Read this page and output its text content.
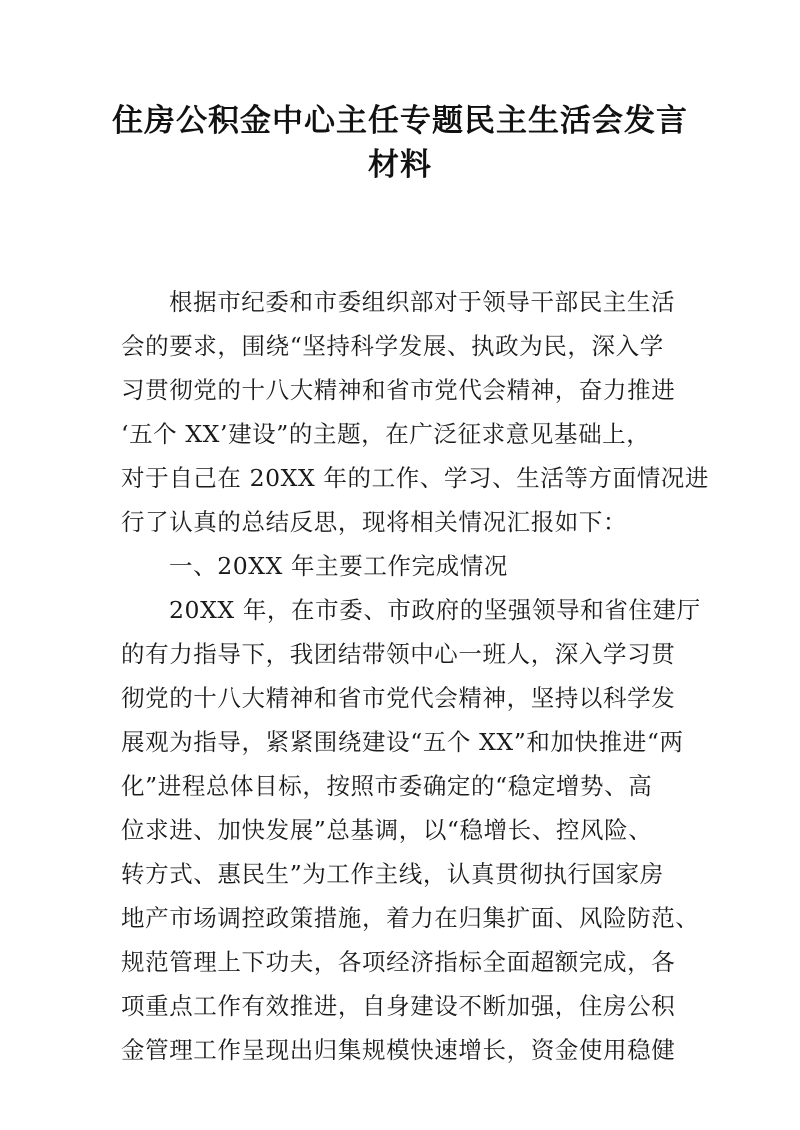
住房公积金中心主任专题民主生活会发言
材料

根据市纪委和市委组织部对于领导干部民主生活

会的要求，围绕“坚持科学发展、执政为民，深入学

习贯彻党的十八大精神和省市党代会精神，奋力推进

‘五个 XX’建设”的主题，在广泛征求意见基础上，

对于自己在 20XX 年的工作、学习、生活等方面情况进

行了认真的总结反思，现将相关情况汇报如下：

一、20XX 年主要工作完成情况

20XX 年，在市委、市政府的坚强领导和省住建厅

的有力指导下，我团结带领中心一班人，深入学习贯

彻党的十八大精神和省市党代会精神，坚持以科学发

展观为指导，紧紧围绕建设“五个 XX”和加快推进“两

化”进程总体目标，按照市委确定的“稳定增势、高

位求进、加快发展”总基调，以“稳增长、控风险、

转方式、惠民生”为工作主线，认真贯彻执行国家房

地产市场调控政策措施，着力在归集扩面、风险防范、

规范管理上下功夫，各项经济指标全面超额完成，各

项重点工作有效推进，自身建设不断加强，住房公积

金管理工作呈现出归集规模快速增长，资金使用稳健
